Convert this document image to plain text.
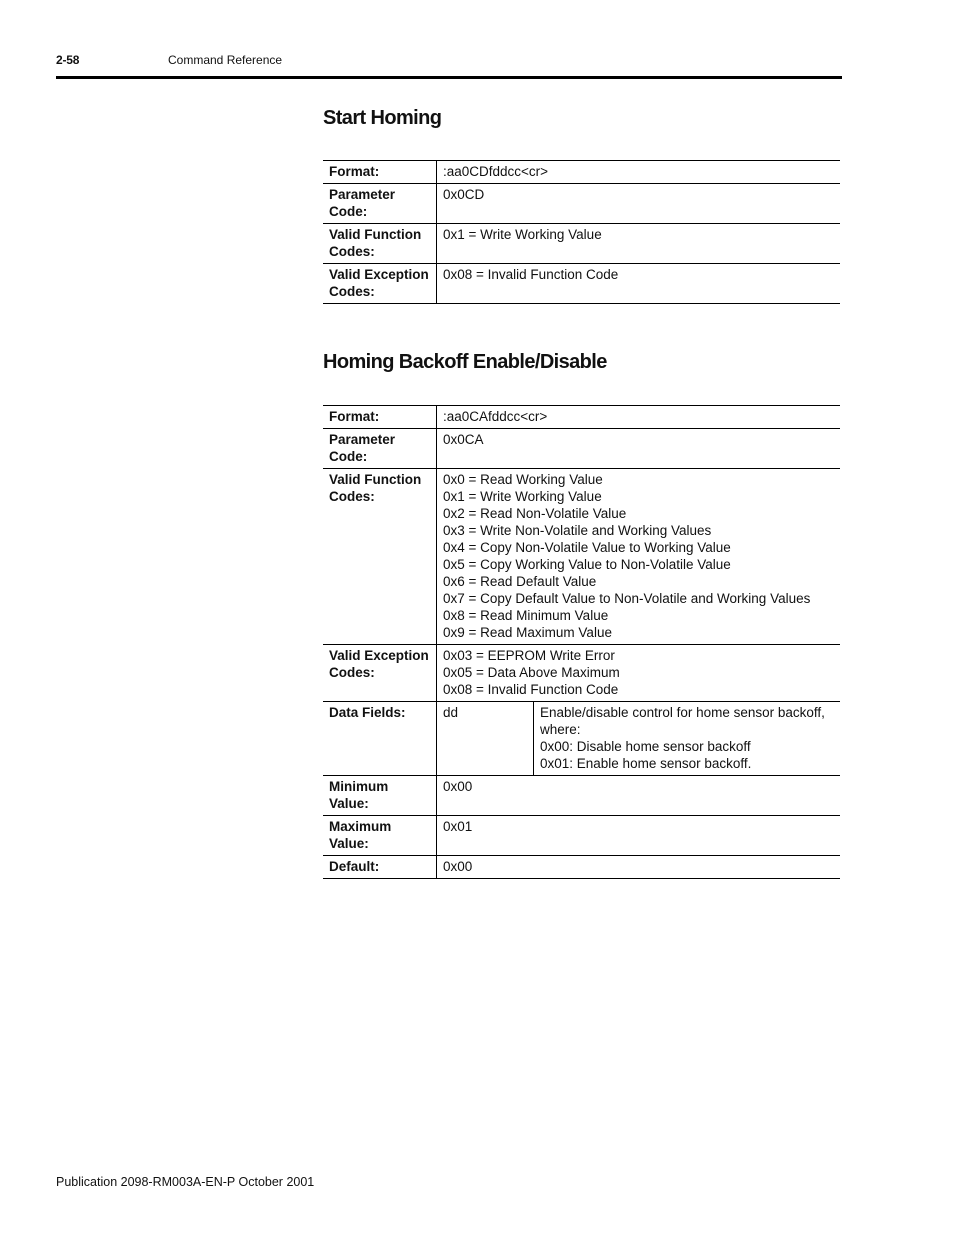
2-58	Command Reference
Start Homing
Format:	:aa0CDfddcc<cr>
Parameter Code:	0x0CD
Valid Function Codes:	0x1 = Write Working Value
Valid Exception Codes:	0x08 = Invalid Function Code
Homing Backoff Enable/Disable
Format:	:aa0CAfddcc<cr>
Parameter Code:	0x0CA
Valid Function Codes:	
0x0 = Read Working Value
0x1 = Write Working Value
0x2 = Read Non-Volatile Value
0x3 = Write Non-Volatile and Working Values
0x4 = Copy Non-Volatile Value to Working Value
0x5 = Copy Working Value to Non-Volatile Value
0x6 = Read Default Value
0x7 = Copy Default Value to Non-Volatile and Working Values
0x8 = Read Minimum Value
0x9 = Read Maximum Value

Valid Exception Codes:	
0x03 = EEPROM Write Error
0x05 = Data Above Maximum
0x08 = Invalid Function Code

Data Fields:		dd	Enable/disable control for home sensor backoff,
where:
0x00: Disable home sensor backoff
0x01: Enable home sensor backoff.

Minimum Value:	0x00
Maximum Value:	0x01
Default:	0x00
Publication 2098-RM003A-EN-P October 2001
